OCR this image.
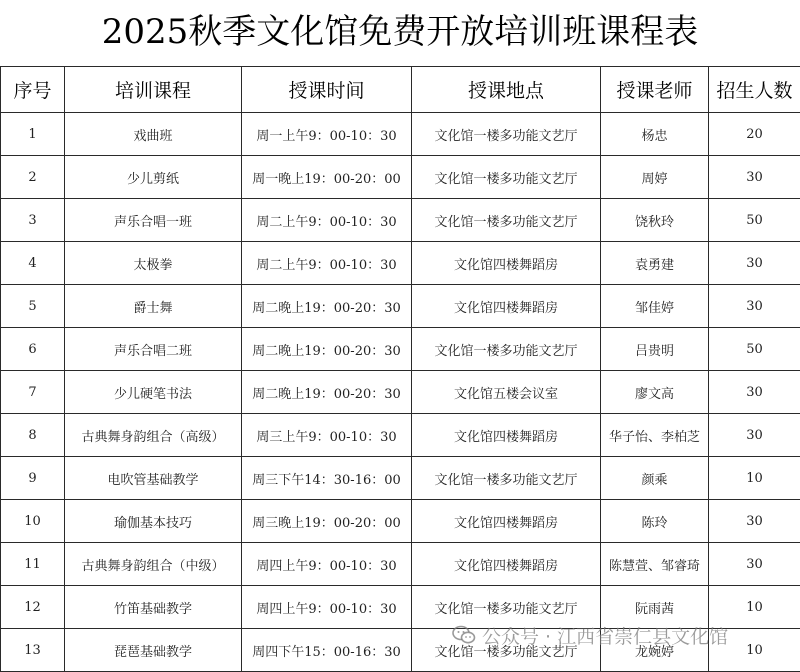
2025秋季文化馆免费开放培训班课程表
序号	培训课程	授课时间	授课地点	授课老师	招生人数
1	戏曲班	周一上午9：00-10：30	文化馆一楼多功能文艺厅	杨忠	20
2	少儿剪纸	周一晚上19：00-20：00	文化馆一楼多功能文艺厅	周婷	30
3	声乐合唱一班	周二上午9：00-10：30	文化馆一楼多功能文艺厅	饶秋玲	50
4	太极拳	周二上午9：00-10：30	文化馆四楼舞蹈房	袁勇建	30
5	爵士舞	周二晚上19：00-20：30	文化馆四楼舞蹈房	邹佳婷	30
6	声乐合唱二班	周二晚上19：00-20：30	文化馆一楼多功能文艺厅	吕贵明	50
7	少儿硬笔书法	周二晚上19：00-20：30	文化馆五楼会议室	廖文高	30
8	古典舞身韵组合（高级）	周三上午9：00-10：30	文化馆四楼舞蹈房	华子怡、李柏芝	30
9	电吹管基础教学	周三下午14：30-16：00	文化馆一楼多功能文艺厅	颜乘	10
10	瑜伽基本技巧	周三晚上19：00-20：00	文化馆四楼舞蹈房	陈玲	30
11	古典舞身韵组合（中级）	周四上午9：00-10：30	文化馆四楼舞蹈房	陈慧萱、邹睿琦	30
12	竹笛基础教学	周四上午9：00-10：30	文化馆一楼多功能文艺厅	阮雨茜	10
13	琵琶基础教学	周四下午15：00-16：30	文化馆一楼多功能文艺厅	龙婉婷	10
公众号 · 江西省崇仁县文化馆
